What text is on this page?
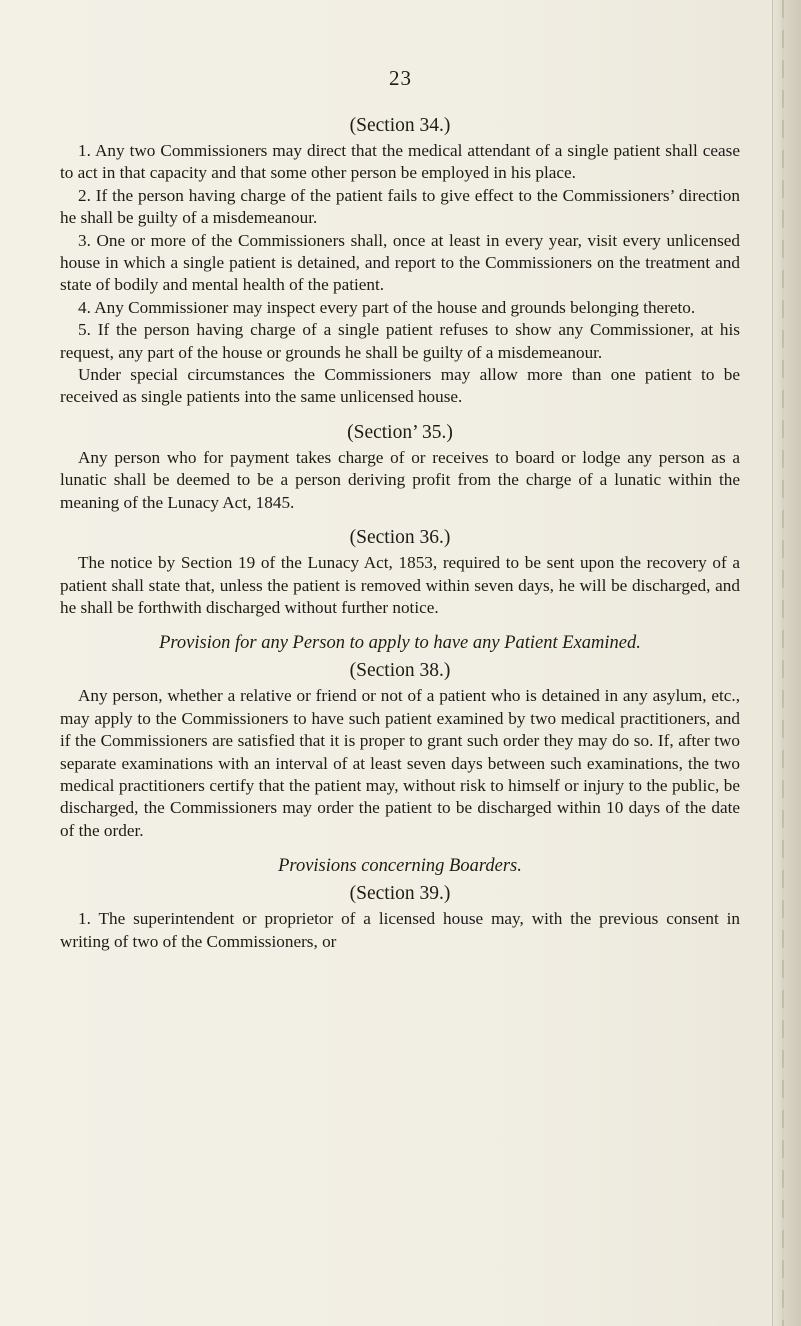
23

(Section 34.)

1. Any two Commissioners may direct that the medical attendant of a single patient shall cease to act in that capacity and that some other person be employed in his place.

2. If the person having charge of the patient fails to give effect to the Commissioners’ direction he shall be guilty of a misdemeanour.

3. One or more of the Commissioners shall, once at least in every year, visit every unlicensed house in which a single patient is detained, and report to the Commissioners on the treatment and state of bodily and mental health of the patient.

4. Any Commissioner may inspect every part of the house and grounds belonging thereto.

5. If the person having charge of a single patient refuses to show any Commissioner, at his request, any part of the house or grounds he shall be guilty of a misdemeanour.

Under special circumstances the Commissioners may allow more than one patient to be received as single patients into the same unlicensed house.

(Section’ 35.)

Any person who for payment takes charge of or receives to board or lodge any person as a lunatic shall be deemed to be a person deriving profit from the charge of a lunatic within the meaning of the Lunacy Act, 1845.

(Section 36.)

The notice by Section 19 of the Lunacy Act, 1853, required to be sent upon the recovery of a patient shall state that, unless the patient is removed within seven days, he will be discharged, and he shall be forthwith discharged without further notice.

Provision for any Person to apply to have any Patient Examined.

(Section 38.)

Any person, whether a relative or friend or not of a patient who is detained in any asylum, etc., may apply to the Commissioners to have such patient examined by two medical practitioners, and if the Commissioners are satisfied that it is proper to grant such order they may do so. If, after two separate examinations with an interval of at least seven days between such examinations, the two medical practitioners certify that the patient may, without risk to himself or injury to the public, be discharged, the Commissioners may order the patient to be discharged within 10 days of the date of the order.

Provisions concerning Boarders.

(Section 39.)

1. The superintendent or proprietor of a licensed house may, with the previous consent in writing of two of the Commissioners, or
